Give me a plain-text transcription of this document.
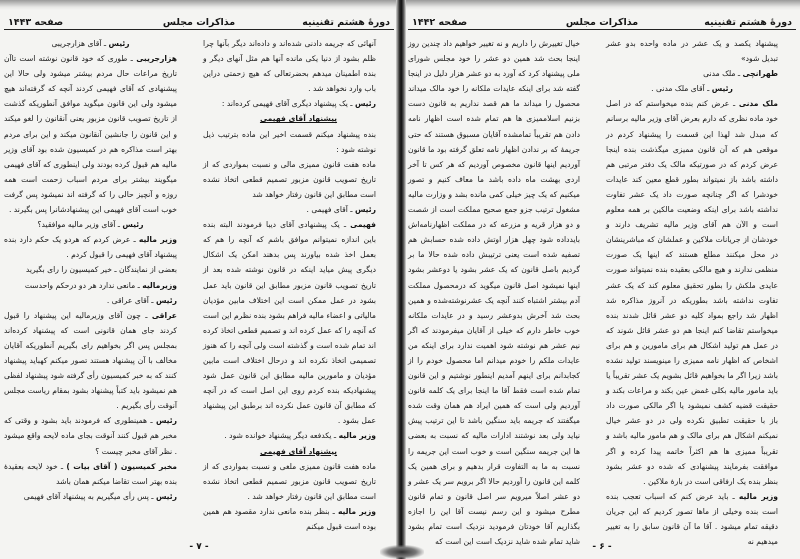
دورهٔ هشتم تقنینیه
مذاکرات مجلس
صفحه ۱۴۴۳

آنهائی که جریمه دادنی شده‌اند و داده‌اند دیگر بآنها چرا ظلم بشود از دنیا یکی مانده آنها هم مثل آنهای دیگر و بنده اطمینان میدهم بحضرتعالی که هیچ زحمتی دراین باب وارد نخواهد شد .

رئیس ـ یک پیشنهاد دیگری آقای فهیمی کرده‌اند :

پیشنهاد آقای فهیمی

بنده پیشنهاد میکنم قسمت اخیر این ماده بترتیب ذیل نوشته شود :

ماده هفت قانون ممیزی مالی و نسبت بمواردی که از تاریخ تصویب قانون مزبور تصمیم قطعی اتخاذ نشده است مطابق این قانون رفتار خواهد شد

رئیس ـ آقای فهیمی .

فهیمی ـ یک پیشنهادی آقای دیبا فرمودند البته بنده باین اندازه نمیتوانم موافق باشم که آنچه را هم که بعمل اخذ شده بیاورند پس بدهند امکن یک اشکال دیگری پیش میاید اینکه در قانون نوشته شده بعد از تاریخ تصویب قانون مزبور مطابق این قانون باید عمل بشود در عمل ممکن است این اختلاف مابین مؤدیان مالیاتی و اعضاء مالیه فراهم بشود بنده نظرم این است که آنچه را که عمل کرده اند و تصمیم قطعی اتخاذ کرده اند تمام شده است و گذشته است ولی آنچه را که هنوز تصمیمی اتخاذ نکرده اند و درحال اختلاف است مابین مؤدیان و مامورین مالیه مطابق این قانون عمل شود پیشنهادیکه بنده کردم روی این اصل است که در آنچه که مطابق آن قانون عمل نکرده اند برطبق این پیشنهاد عمل بشود .

وزیر مالیه ـ یکدفعه دیگر پیشنهاد خوانده شود .

پیشنهاد آقای فهیمی

ماده هفت قانون ممیزی ملغی و نسبت بمواردی که از تاریخ تصویب قانون مزبور تصمیم قطعی اتخاذ نشده است مطابق این قانون رفتار خواهد شد .

وزیر مالیه ـ بنظر بنده مانعی ندارد مقصود هم همین بوده است قبول میکنم

رئیس ـ آقای هزارجریبی

هزارجریبی ـ طوری که خود قانون نوشته است تاآن تاریخ مراعات حال مردم بیشتر میشود ولی حالا این پیشنهادی که آقای فهیمی کردند آنچه که گرفته‌اند هیچ میشود ولی این قانون میگوید موافق آنطوریکه گذشت از تاریخ تصویب قانون مزبور یعنی آنقانون را لغو میکند و این قانون را جانشین آنقانون میکند و این برای مردم بهتر است مذاکره هم در کمیسیون شده بود آقای وزیر مالیه هم قبول کرده بودند ولی اینطوری که آقای فهیمی میگویند بیشتر برای مردم اسباب زحمت است همه روزه و آنچیز حالی را که گرفته اند نمیشود پس گرفت خوب است آقای فهیمی این پیشنهادشانرا پس بگیرند .

رئیس ـ آقای وزیر مالیه موافقید؟

وزیر مالیه ـ عرض کردم که هردو یک حکم دارد بنده پیشنهاد آقای فهیمی را قبول کردم .

بعضی از نمایندگان ـ خیر کمیسیون را رای بگیرید

وزیرمالیه ـ مانعی ندارد هر دو درحکم واحدست

رئیس ـ آقای عراقی .

عراقی ـ چون آقای وزیرمالیه این پیشنهاد را قبول کردند جای همان قانونی است که پیشنهاد کرده‌اند بمجلس پس اگر بخواهیم رای بگیریم آنطوریکه آقایان مخالف با آن پیشنهاد هستند تصور میکنم کهباید پیشنهاد کنند که به خبر کمیسیون رأی گرفته شود پیشنهاد لفظی هم نمیشود باید کتباً پیشنهاد بشود بمقام ریاست مجلس آنوقت رأی بگیریم .

رئیس ـ همینطوری که فرمودند باید بشود و وقتی که مخبر هم قبول کنند آنوقت بجای ماده لایحه واقع میشود . نظر آقای مخبر چیست ؟

مخبر کمیسیون ( آقای بیات ) ـ خود لایحه بعقیدهٔ بنده بهتر است تقاضا میکنم همان باشد

رئیس ـ پس رأی میگیریم به پیشنهاد آقای فهیمی

- ۷ -
دورهٔ هشتم تقنینیه
مذاکرات مجلس
صفحه ۱۴۴۲

پیشنهاد یکصد و یک عشر در ماده واحده بدو عشر تبدیل شود»

طهرانچی ـ ملک مدنی

رئیس ـ آقای ملک مدنی .

ملک مدنی ـ عرض کنم بنده میخواستم که در اصل خود ماده نظری که دارم بعرض آقای وزیر مالیه برسانم که مبدل شد لهذا این قسمت را پیشنهاد کردم در موقعی هم که آن قانون ممیزی میگذشت بنده اینجا عرض کردم که در صورتیکه مالک یک دفتر مرتبی هم داشته باشد باز نمیتواند بطور قطع معین کند عایدات خودشرا که اگر چنانچه صورت داد یک عشر تفاوت نداشته باشد برای اینکه وضعیت مالکین بر همه معلوم است و الآن هم آقای وزیر مالیه تشریف دارند و خودشان از جریانات ملاکین و عملشان که مباشرینشان در محل میکنند مطلع هستند که اینها یک صورت منظمی ندارند و هیچ مالکی بعقیده بنده نمیتواند صورت عایدی ملکش را بطور تحقیق معلوم کند که یک عشر تفاوت نداشته باشد بطوریکه در آنروز مذاکره شد اظهار شد راجع بمواد کلیه دو عشر قائل شدند بنده میخواستم تقاضا کنم اینجا هم دو عشر قائل شوند که در عمل هم تولید اشکال هم برای مامورین و هم برای اشخاص که اظهار نامه ممیزی را مینویسند تولید نشده باشد زیرا اگر ما بخواهیم قائل بشویم یک عشر تقریباً یا باید مامور مالیه بکلی غمض عین بکند و مراعات بکند و حقیقت قضیه کشف نمیشود یا اگر مالکی صورت داد باز با حقیقت تطبیق نکرده ولی در دو عشر خیال نمیکنم اشکال هم برای مالک و هم مامور مالیه باشد و تقریباً ممیزی ها هم اکثراً خاتمه پیدا کرده و اگر موافقت بفرمایند پیشنهادی که شده دو عشر بشود بنظر بنده یک ارفاقی است در بارهٔ ملاکین .

وزیر مالیه ـ باید عرض کنم که اسباب تعجب بنده است بنده وخیلی از ماها تصور کردیم که این جریان دقیقه تمام میشود . آقا ما آن قانون سابق را به تغییر میدهیم نه

خیال تغییرش را داریم و نه تغییر خواهیم داد چندین روز اینجا بحث شد همین دو عشر را خود مجلس شورای ملی پیشنهاد کرد که آورد به دو عشر هزار دلیل در اینجا گفته شد برای اینکه عایدات ملکانه را خود مالک میداند محصول را میداند ما هم قصد نداریم به قانون دست بزنیم اسلاممیزی ها هم تمام شده است اظهار نامه دادن هم تقریباً تمامشده آقایان مسبوق هستند که حتی جریمهٔ که بر ندادن اظهار نامه تعلق گرفته بود ما قانون آوردیم اینها قانون مخصوص آوردیم که هر کس تا آخر اردی بهشت ماه داده باشد ما معاف کنیم و تصور میکنیم که یک چیز خیلی کمی مانده بشد و وزارت مالیه مشغول ترتیب جزو جمع صحیح مملکت است از شصت و دو هزار قریه و مزرعه که در مملکت اظهارنامه‌اش بایدداده شود چهل هزار اوتش داده شده حسابش هم تصفیه شده است یعنی ترتیبش داده شده حالا ما بر گردیم باصل قانون که یک عشر بشود یا دوعشر بشود اینها نمیشود اصل قانون میگوید که درمحصول مملکت آدم بیشتر اشتباه کنند آنچه یک عشرنوشته‌شده و همین بحث شد آخرش بدوعشر رسید و در عایدات ملکانه خوب خاطر دارم که خیلی از آقایان میفرمودند که اگر نیم عشر هم نوشته شود اهمیت ندارد برای اینکه من عایدات ملکم را خودم میدانم اما محصول خودم را از کجابدانم برای اینهم آمدیم اینطور نوشتیم و این قانون تمام شده است فقط آقا ما اینجا برای یک کلمه قانون آوردیم ولی است که همین ایراد هم همان وقت شده میگفتند که جریمه باید سنگین باشد تا این ترتیب پیش نیاید ولی بعد نوشتند ادارات مالیه که نسبت به بعضی ها این جریمه سنگین است و خوب است این جریمه را نسبت به ما به التفاوت قرار بدهیم و برای همین یک کلمه این قانون را آوردیم حالا اگر برویم سر یک عشر و دو عشر اصلاً میرویم سر اصل قانون و تمام قانون مطرح میشود و این رسم نیست آقا این را اجازه بگذاریم آقا خودتان فرمودید نزدیک است تمام بشود شاید تمام شده شاید نزدیک است این است که

- ۶ -
